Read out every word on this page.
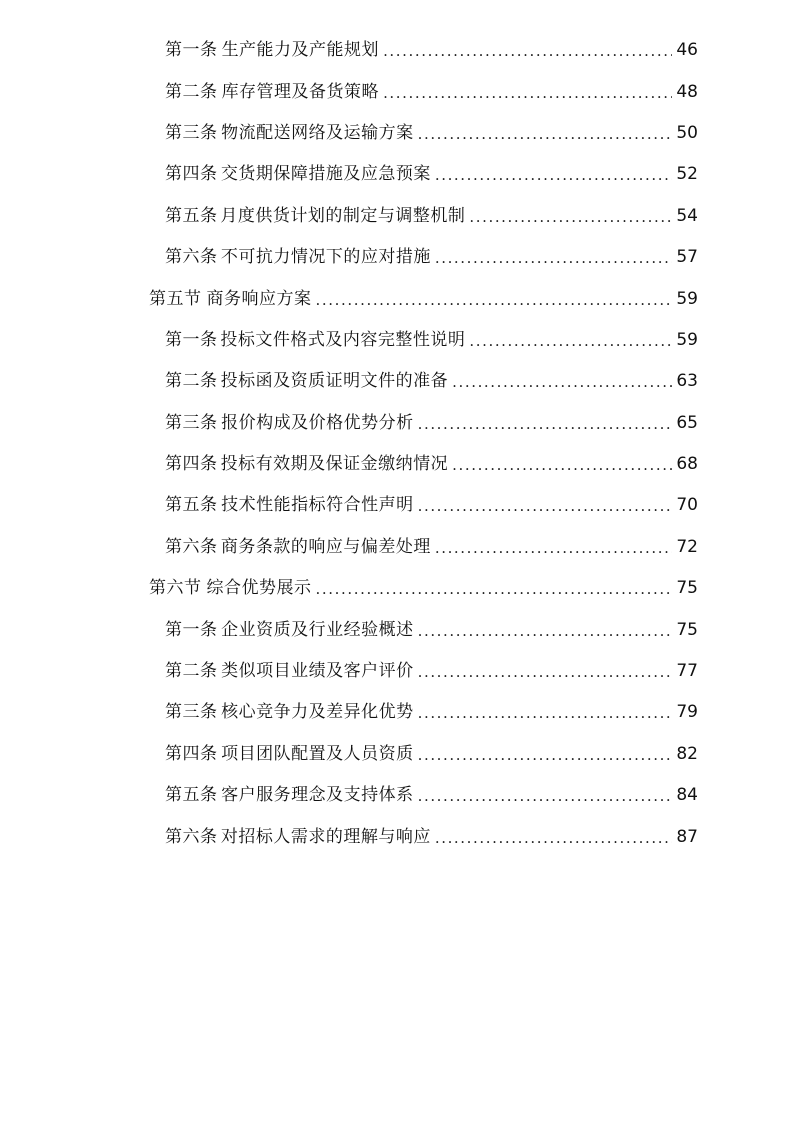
第一条 生产能力及产能规划 .....	46
第二条 库存管理及备货策略 .....	48
第三条 物流配送网络及运输方案 .....	50
第四条 交货期保障措施及应急预案 .....	52
第五条 月度供货计划的制定与调整机制 .....	54
第六条 不可抗力情况下的应对措施 .....	57
第五节 商务响应方案 .....	59
第一条 投标文件格式及内容完整性说明 .....	59
第二条 投标函及资质证明文件的准备 .....	63
第三条 报价构成及价格优势分析 .....	65
第四条 投标有效期及保证金缴纳情况 .....	68
第五条 技术性能指标符合性声明 .....	70
第六条 商务条款的响应与偏差处理 .....	72
第六节 综合优势展示 .....	75
第一条 企业资质及行业经验概述 .....	75
第二条 类似项目业绩及客户评价 .....	77
第三条 核心竞争力及差异化优势 .....	79
第四条 项目团队配置及人员资质 .....	82
第五条 客户服务理念及支持体系 .....	84
第六条 对招标人需求的理解与响应 .....	87
